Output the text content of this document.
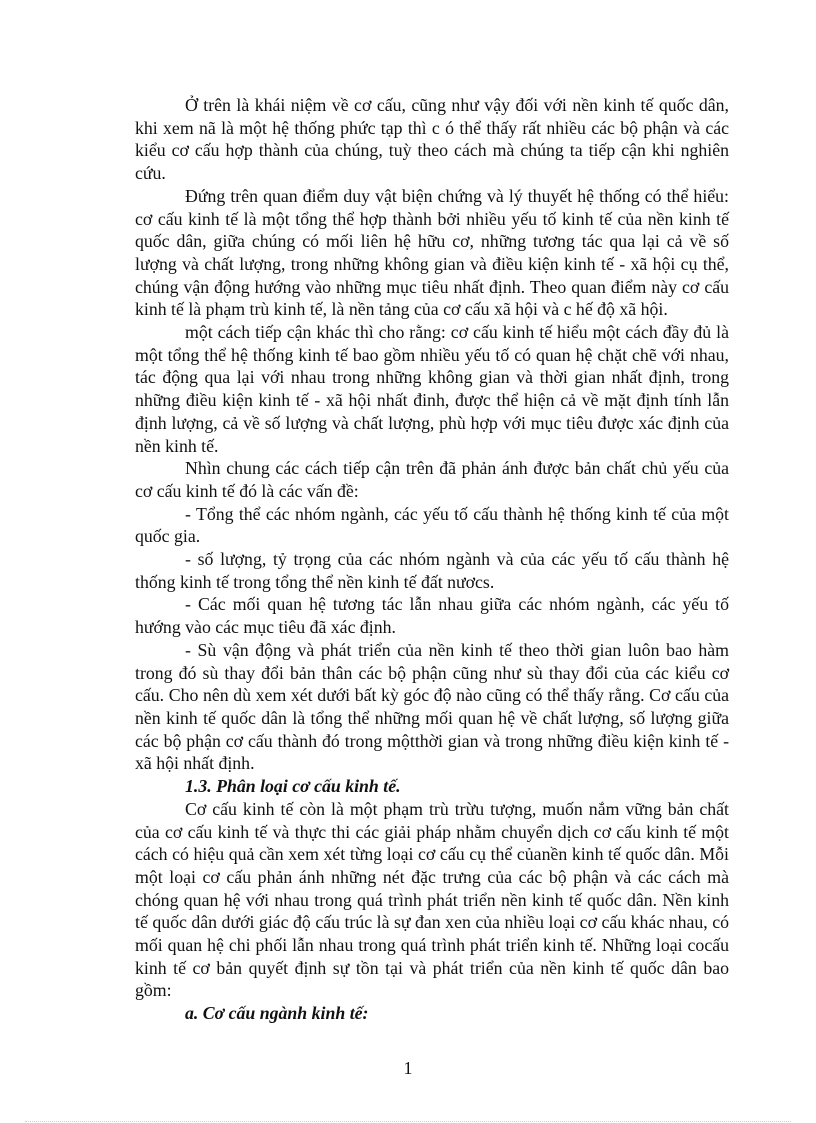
Ở trên là khái niệm về cơ cấu, cũng như vậy đối với nền kinh tế quốc dân, khi xem nã là một hệ thống phức tạp thì c ó thể thấy rất nhiều các bộ phận và các kiểu cơ cấu hợp thành của chúng, tuỳ theo cách mà chúng ta tiếp cận khi nghiên cứu.

Đứng trên quan điểm duy vật biện chứng và lý thuyết hệ thống có thể hiểu: cơ cấu kinh tế là một tổng thể hợp thành bởi nhiều yếu tố kinh tế của nền kinh tế quốc dân, giữa chúng có mối liên hệ hữu cơ, những tương tác qua lại cả về số lượng và chất lượng, trong những không gian và điều kiện kinh tế - xã hội cụ thể, chúng vận động hướng vào những mục tiêu nhất định. Theo quan điểm này cơ cấu kinh tế là phạm trù kinh tế, là nền tảng của cơ cấu xã hội và c hế độ xã hội.

một cách tiếp cận khác thì cho rằng: cơ cấu kinh tế hiểu một cách đầy đủ là một tổng thể hệ thống kinh tế bao gồm nhiều yếu tố có quan hệ chặt chẽ với nhau, tác động qua lại với nhau trong những không gian và thời gian nhất định, trong những điều kiện kinh tế - xã hội nhất đinh, được thể hiện cả về mặt định tính lẫn định lượng, cả về số lượng và chất lượng, phù hợp với mục tiêu được xác định của nền kinh tế.

Nhìn chung các cách tiếp cận trên đã phản ánh được bản chất chủ yếu của cơ cấu kinh tế đó là các vấn đề:

- Tổng thể các nhóm ngành, các yếu tố cấu thành hệ thống kinh tế của một quốc gia.

- số lượng, tỷ trọng của các nhóm ngành và của các yếu tố cấu thành hệ thống kinh tế trong tổng thể nền kinh tế đất nươcs.

- Các mối quan hệ tương tác lẫn nhau giữa các nhóm ngành, các yếu tố hướng vào các mục tiêu đã xác định.

- Sù vận động và phát triển của nền kinh tế theo thời gian luôn bao hàm trong đó sù thay đổi bản thân các bộ phận cũng như sù thay đổi của các kiểu cơ cấu. Cho nên dù xem xét dưới bất kỳ góc độ nào cũng có thể thấy rằng. Cơ cấu của nền kinh tế quốc dân là tổng thể những mối quan hệ về chất lượng, số lượng giữa các bộ phận cơ cấu thành đó trong mộtthời gian và trong những điều kiện kinh tế - xã hội nhất định.

1.3. Phân loại cơ cấu kinh tế.

Cơ cấu kinh tế còn là một phạm trù trừu tượng, muốn nắm vững bản chất của cơ cấu kinh tế và thực thi các giải pháp nhằm chuyển dịch cơ cấu kinh tế một cách có hiệu quả cần xem xét từng loại cơ cấu cụ thể củanền kinh tế quốc dân. Mỗi một loại cơ cấu phản ánh những nét đặc trưng của các bộ phận và các cách mà chóng quan hệ với nhau trong quá trình phát triển nền kinh tế quốc dân. Nền kinh tế quốc dân dưới giác độ cấu trúc là sự đan xen của nhiều loại cơ cấu khác nhau, có mối quan hệ chi phối lẫn nhau trong quá trình phát triển kinh tế. Những loại cocấu kinh tế cơ bản quyết định sự tồn tại và phát triển của nền kinh tế quốc dân bao gồm:

a. Cơ cấu ngành kinh tế:

1
